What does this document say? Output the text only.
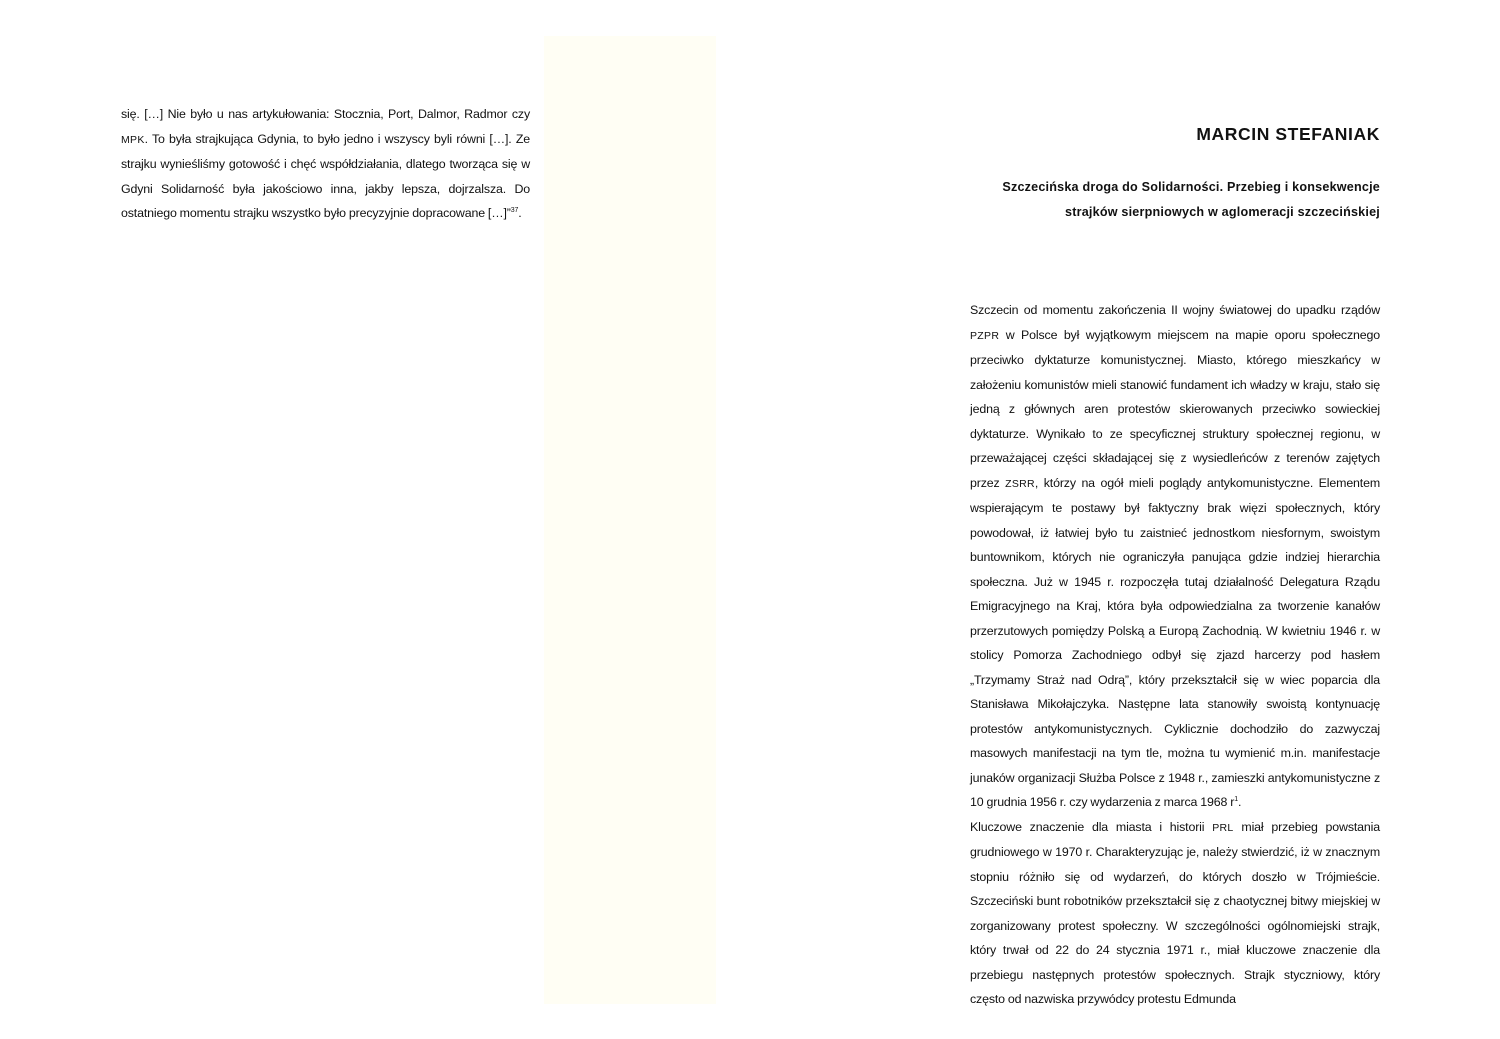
się. […] Nie było u nas artykułowania: Stocznia, Port, Dalmor, Radmor czy MPK. To była strajkująca Gdynia, to było jedno i wszyscy byli równi […]. Ze strajku wynieśliśmy gotowość i chęć współdziałania, dlatego tworząca się w Gdyni Solidarność była jakościowo inna, jakby lepsza, dojrzalsza. Do ostatniego momentu strajku wszystko było precyzyjnie dopracowane […]”$^{37}$.

MARCIN STEFANIAK
Szczecińska droga do Solidarności. Przebieg i konsekwencje
strajków sierpniowych w aglomeracji szczecińskiej

Szczecin od momentu zakończenia II wojny światowej do upadku rządów PZPR w Polsce był wyjątkowym miejscem na mapie oporu społecznego przeciwko dyktaturze komunistycznej. Miasto, którego mieszkańcy w założeniu komunistów mieli stanowić fundament ich władzy w kraju, stało się jedną z głównych aren protestów skierowanych przeciwko sowieckiej dyktaturze. Wynikało to ze specyficznej struktury społecznej regionu, w przeważającej części składającej się z wysiedleńców z terenów zajętych przez ZSRR, którzy na ogół mieli poglądy antykomunistyczne. Elementem wspierającym te postawy był faktyczny brak więzi społecznych, który powodował, iż łatwiej było tu zaistnieć jednostkom niesfornym, swoistym buntownikom, których nie ograniczyła panująca gdzie indziej hierarchia społeczna. Już w 1945 r. rozpoczęła tutaj działalność Delegatura Rządu Emigracyjnego na Kraj, która była odpowiedzialna za tworzenie kanałów przerzutowych pomiędzy Polską a Europą Zachodnią. W kwietniu 1946 r. w stolicy Pomorza Zachodniego odbył się zjazd harcerzy pod hasłem „Trzymamy Straż nad Odrą”, który przekształcił się w wiec poparcia dla Stanisława Mikołajczyka. Następne lata stanowiły swoistą kontynuację protestów antykomunistycznych. Cyklicznie dochodziło do zazwyczaj masowych manifestacji na tym tle, można tu wymienić m.in. manifestacje junaków organizacji Służba Polsce z 1948 r., zamieszki antykomunistyczne z 10 grudnia 1956 r. czy wydarzenia z marca 1968 $r^1$.

Kluczowe znaczenie dla miasta i historii PRL miał przebieg powstania grudniowego w 1970 r. Charakteryzując je, należy stwierdzić, iż w znacznym stopniu różniło się od wydarzeń, do których doszło w Trójmieście. Szczeciński bunt robotników przekształcił się z chaotycznej bitwy miejskiej w zorganizowany protest społeczny. W szczególności ogólnomiejski strajk, który trwał od 22 do 24 stycznia 1971 r., miał kluczowe znaczenie dla przebiegu następnych protestów społecznych. Strajk styczniowy, który często od nazwiska przywódcy protestu Edmunda
